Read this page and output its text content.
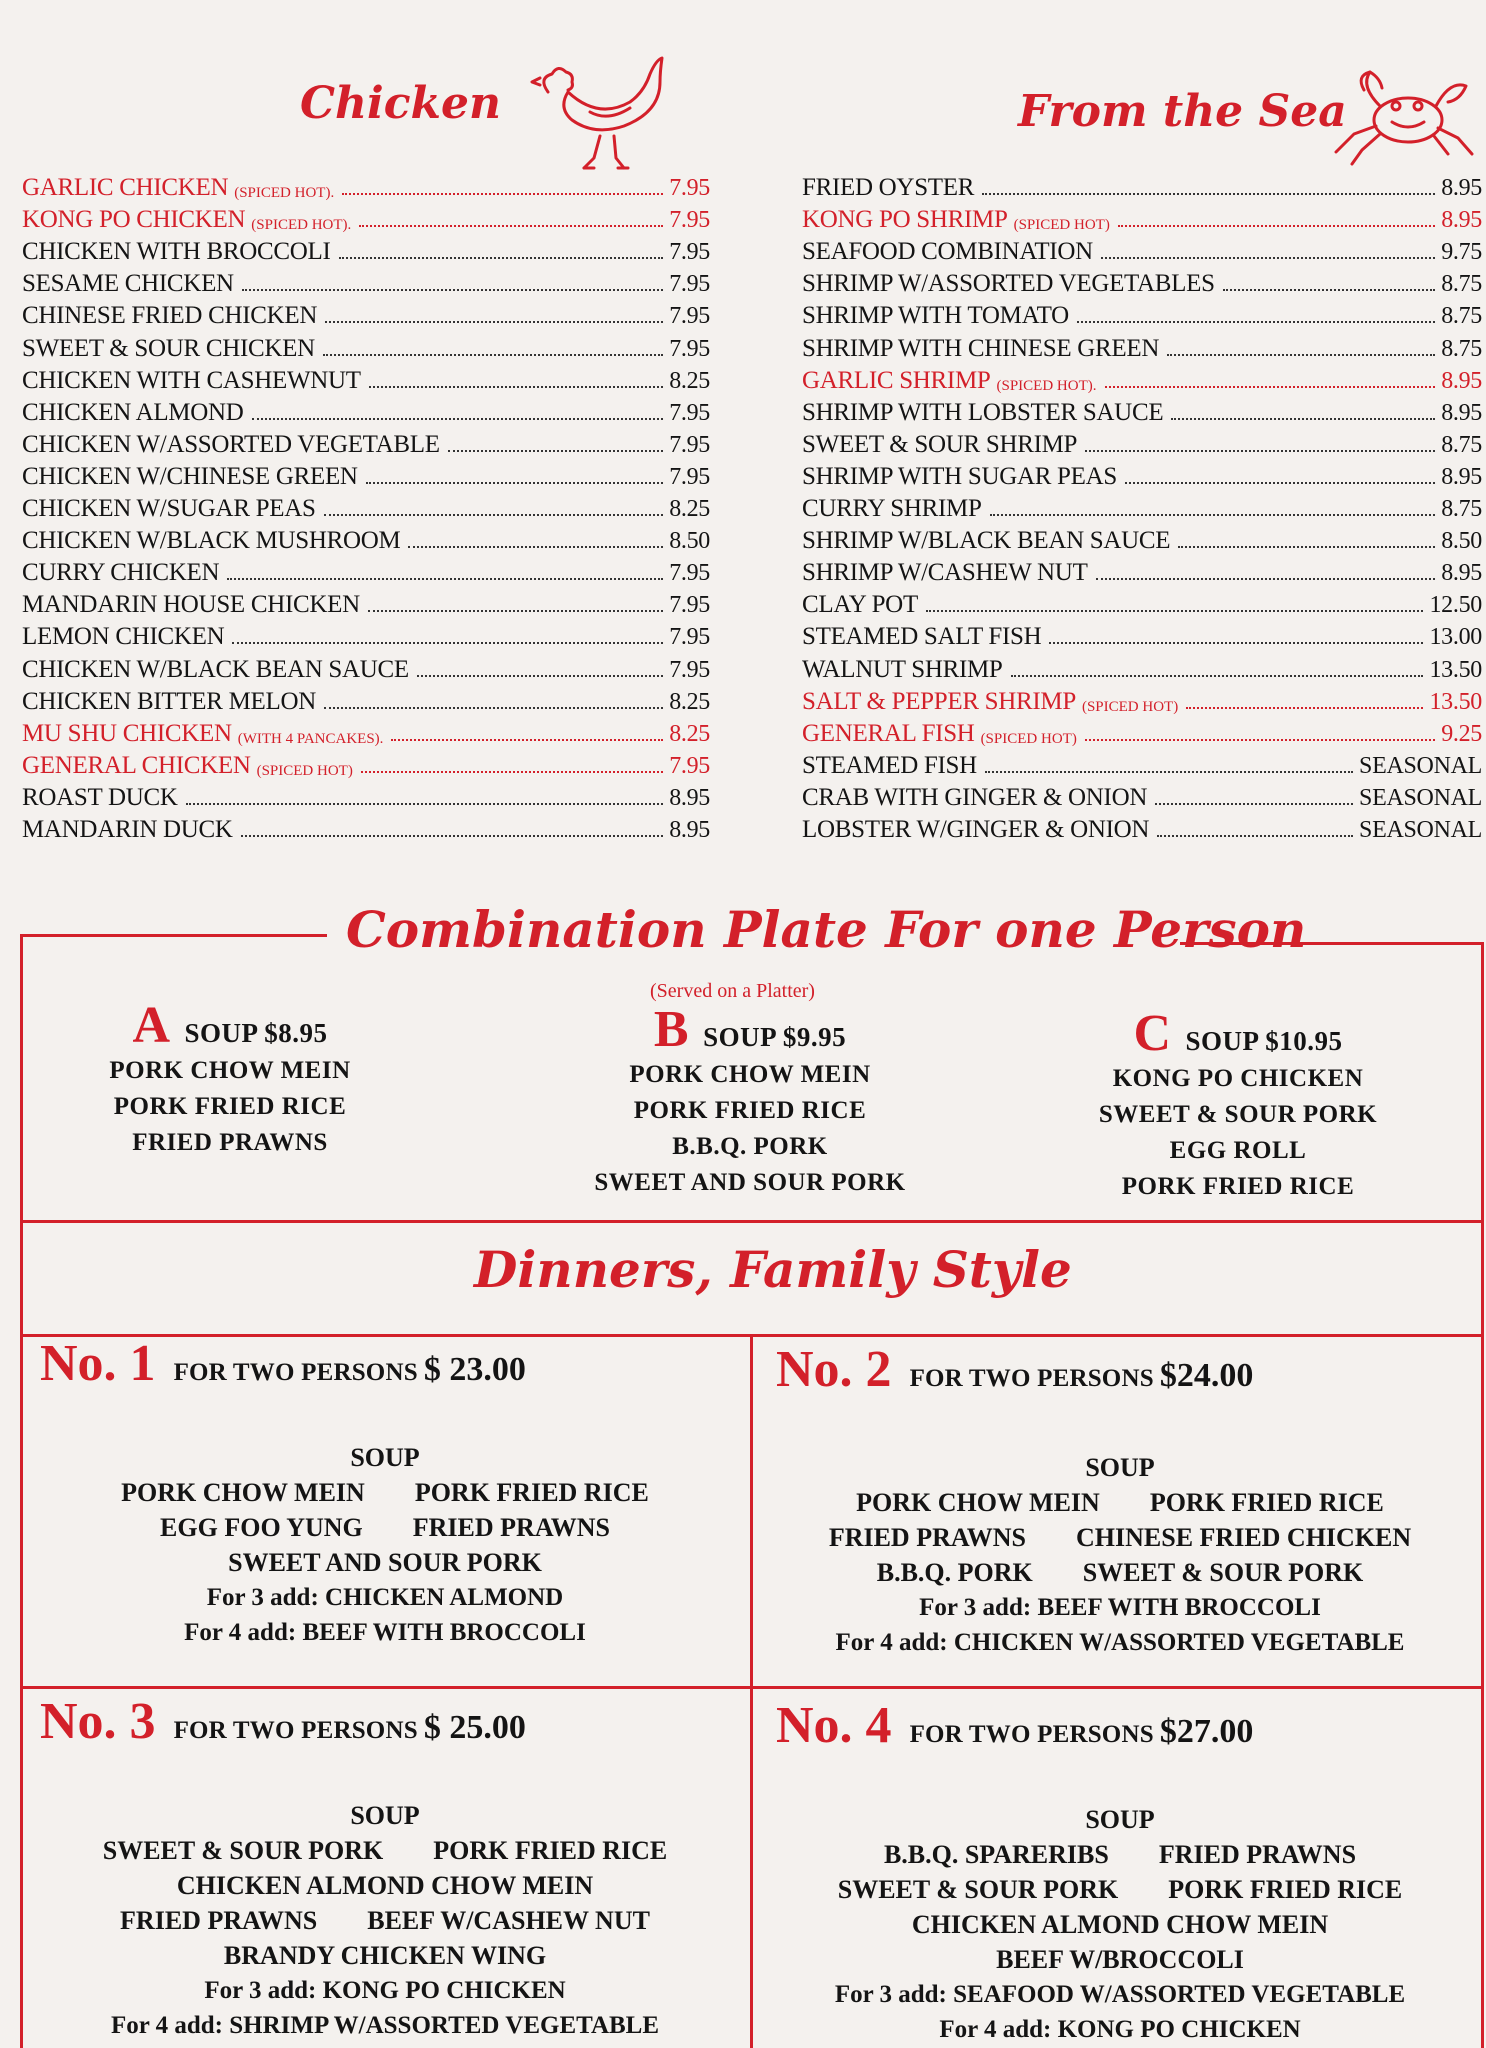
Chicken	From the Sea
GARLIC CHICKEN (SPICED HOT).	7.95
KONG PO CHICKEN (SPICED HOT).	7.95
CHICKEN WITH BROCCOLI	7.95
SESAME CHICKEN	7.95
CHINESE FRIED CHICKEN	7.95
SWEET & SOUR CHICKEN	7.95
CHICKEN WITH CASHEWNUT	8.25
CHICKEN ALMOND	7.95
CHICKEN W/ASSORTED VEGETABLE	7.95
CHICKEN W/CHINESE GREEN	7.95
CHICKEN W/SUGAR PEAS	8.25
CHICKEN W/BLACK MUSHROOM	8.50
CURRY CHICKEN	7.95
MANDARIN HOUSE CHICKEN	7.95
LEMON CHICKEN	7.95
CHICKEN W/BLACK BEAN SAUCE	7.95
CHICKEN BITTER MELON	8.25
MU SHU CHICKEN (WITH 4 PANCAKES).	8.25
GENERAL CHICKEN (SPICED HOT)	7.95
ROAST DUCK	8.95
MANDARIN DUCK	8.95
FRIED OYSTER	8.95
KONG PO SHRIMP (SPICED HOT)	8.95
SEAFOOD COMBINATION	9.75
SHRIMP W/ASSORTED VEGETABLES	8.75
SHRIMP WITH TOMATO	8.75
SHRIMP WITH CHINESE GREEN	8.75
GARLIC SHRIMP (SPICED HOT).	8.95
SHRIMP WITH LOBSTER SAUCE	8.95
SWEET & SOUR SHRIMP	8.75
SHRIMP WITH SUGAR PEAS	8.95
CURRY SHRIMP	8.75
SHRIMP W/BLACK BEAN SAUCE	8.50
SHRIMP W/CASHEW NUT	8.95
CLAY POT	12.50
STEAMED SALT FISH	13.00
WALNUT SHRIMP	13.50
SALT & PEPPER SHRIMP (SPICED HOT)	13.50
GENERAL FISH (SPICED HOT)	9.25
STEAMED FISH	SEASONAL
CRAB WITH GINGER & ONION	SEASONAL
LOBSTER W/GINGER & ONION	SEASONAL
Combination Plate For one Person
(Served on a Platter)
ASOUP $8.95
PORK CHOW MEIN
PORK FRIED RICE
FRIED PRAWNS
BSOUP $9.95
PORK CHOW MEIN
PORK FRIED RICE
B.B.Q. PORK
SWEET AND SOUR PORK
CSOUP $10.95
KONG PO CHICKEN
SWEET & SOUR PORK
EGG ROLL
PORK FRIED RICE
Dinners, Family Style
No. 1 FOR TWO PERSONS $ 23.00	No. 2 FOR TWO PERSONS $24.00
No. 3 FOR TWO PERSONS $ 25.00	No. 4 FOR TWO PERSONS $27.00
SOUP
PORK CHOW MEIN PORK FRIED RICE
EGG FOO YUNG FRIED PRAWNS
SWEET AND SOUR PORK
For 3 add: CHICKEN ALMOND
For 4 add: BEEF WITH BROCCOLI
SOUP
PORK CHOW MEIN PORK FRIED RICE
FRIED PRAWNS CHINESE FRIED CHICKEN
B.B.Q. PORK SWEET & SOUR PORK
For 3 add: BEEF WITH BROCCOLI
For 4 add: CHICKEN W/ASSORTED VEGETABLE
SOUP
SWEET & SOUR PORK PORK FRIED RICE
CHICKEN ALMOND CHOW MEIN
FRIED PRAWNS BEEF W/CASHEW NUT
BRANDY CHICKEN WING
For 3 add: KONG PO CHICKEN
For 4 add: SHRIMP W/ASSORTED VEGETABLE
SOUP
B.B.Q. SPARERIBS FRIED PRAWNS
SWEET & SOUR PORK PORK FRIED RICE
CHICKEN ALMOND CHOW MEIN
BEEF W/BROCCOLI
For 3 add: SEAFOOD W/ASSORTED VEGETABLE
For 4 add: KONG PO CHICKEN
